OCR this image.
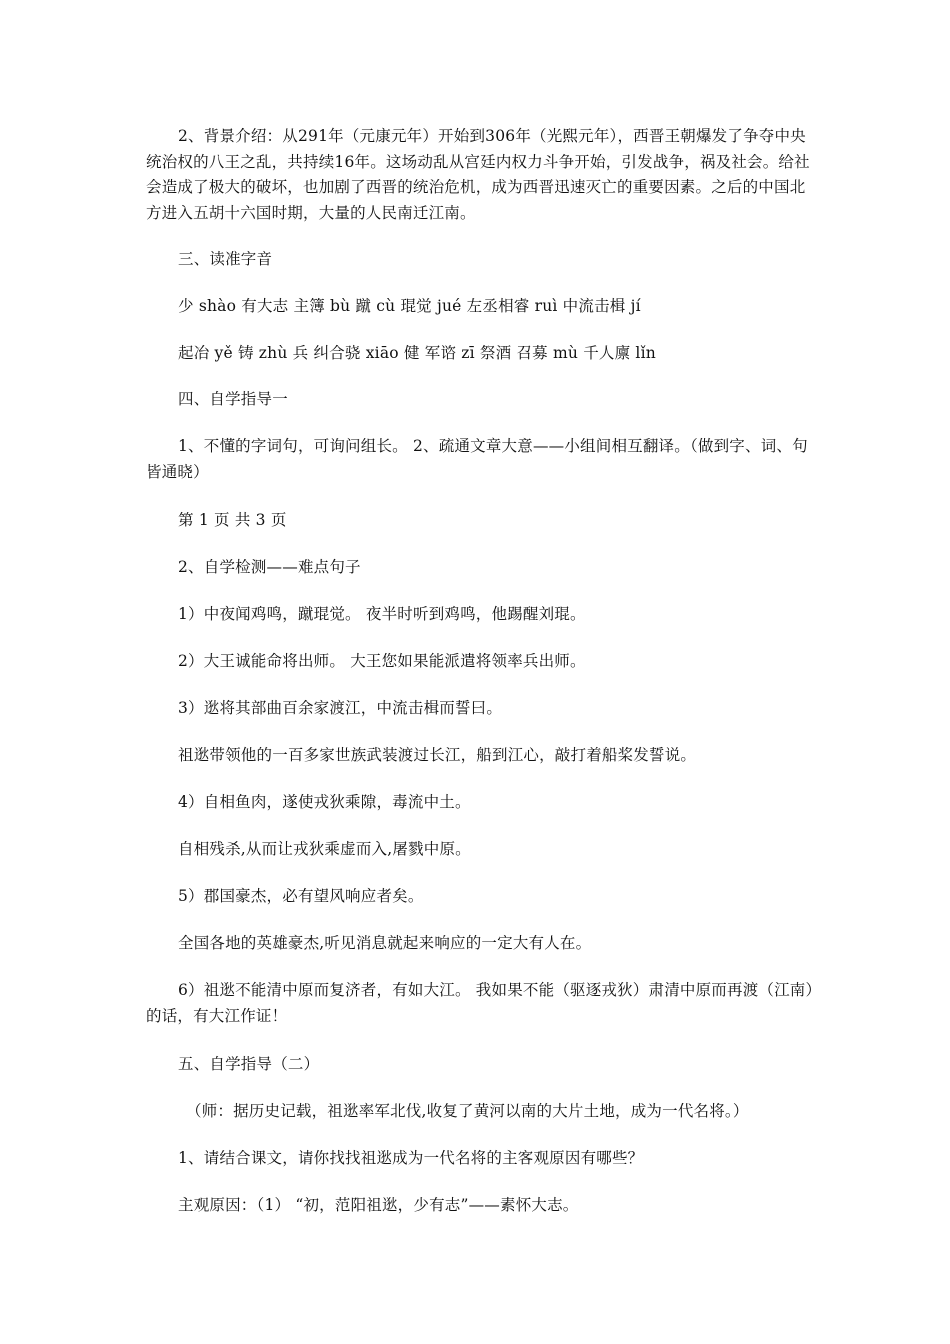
2、背景介绍：从291年（元康元年）开始到306年（光熙元年），西晋王朝爆发了争夺中央统治权的八王之乱，共持续16年。这场动乱从宫廷内权力斗争开始，引发战争，祸及社会。给社会造成了极大的破坏，也加剧了西晋的统治危机，成为西晋迅速灭亡的重要因素。之后的中国北方进入五胡十六国时期，大量的人民南迁江南。

三、读准字音

少 shào 有大志 主簿 bù 蹴 cù 琨觉 jué 左丞相睿 ruì 中流击楫 jí

起冶 yě 铸 zhù 兵 纠合骁 xiāo 健 军谘 zī 祭酒 召募 mù 千人廪 lǐn

四、自学指导一

1、不懂的字词句，可询问组长。 2、疏通文章大意——小组间相互翻译。（做到字、词、句皆通晓）

第 1 页 共 3 页

2、自学检测——难点句子

1）中夜闻鸡鸣，蹴琨觉。 夜半时听到鸡鸣，他踢醒刘琨。

2）大王诚能命将出师。 大王您如果能派遣将领率兵出师。

3）逖将其部曲百余家渡江，中流击楫而誓曰。

祖逖带领他的一百多家世族武装渡过长江，船到江心，敲打着船桨发誓说。

4）自相鱼肉，遂使戎狄乘隙，毒流中土。

自相残杀,从而让戎狄乘虚而入,屠戮中原。

5）郡国豪杰，必有望风响应者矣。

全国各地的英雄豪杰,听见消息就起来响应的一定大有人在。

6）祖逖不能清中原而复济者，有如大江。 我如果不能（驱逐戎狄）肃清中原而再渡（江南）的话，有大江作证！

五、自学指导（二）

（师：据历史记载，祖逖率军北伐,收复了黄河以南的大片土地，成为一代名将。）

1、请结合课文，请你找找祖逖成为一代名将的主客观原因有哪些？

主观原因：（1） “初，范阳祖逖，少有志”——素怀大志。
